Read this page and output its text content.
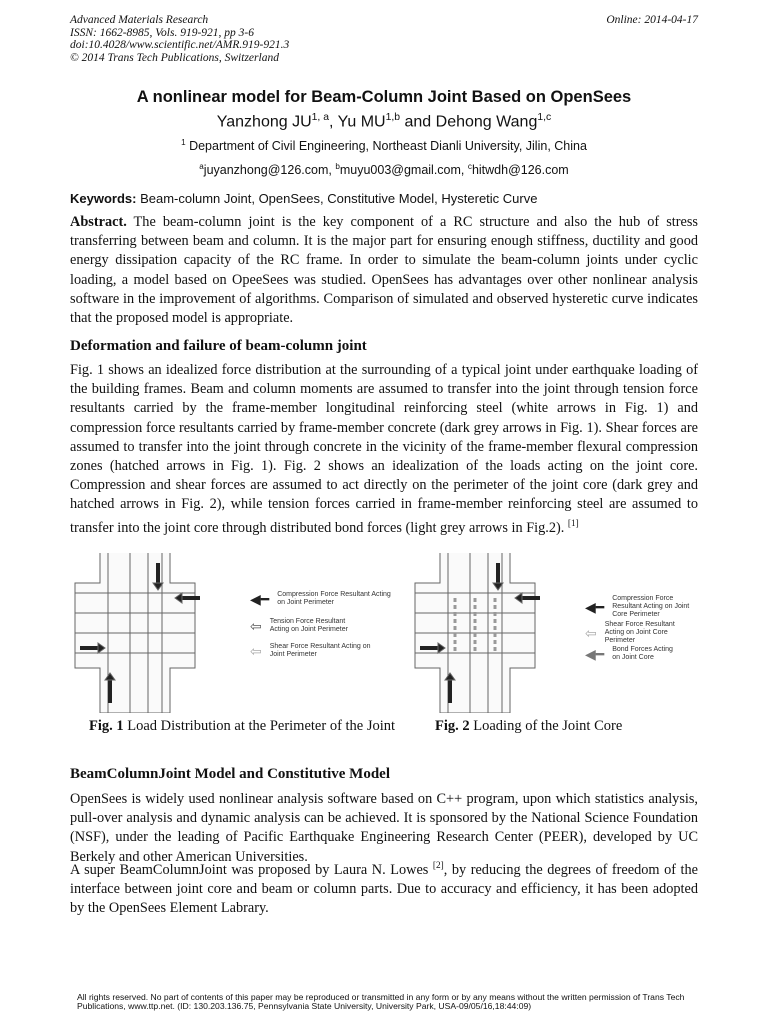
Advanced Materials Research
ISSN: 1662-8985, Vols. 919-921, pp 3-6
doi:10.4028/www.scientific.net/AMR.919-921.3
© 2014 Trans Tech Publications, Switzerland
Online: 2014-04-17
A nonlinear model for Beam-Column Joint Based on OpenSees
Yanzhong JU$^{1, a}$, Yu MU$^{1,b}$ and Dehong Wang$^{1,c}$
$^1$ Department of Civil Engineering, Northeast Dianli University, Jilin, China
$^a$juyanzhong@126.com, $^b$muyu003@gmail.com, $^c$hitwdh@126.com
Keywords: Beam-column Joint, OpenSees, Constitutive Model, Hysteretic Curve
Abstract. The beam-column joint is the key component of a RC structure and also the hub of stress transferring between beam and column. It is the major part for ensuring enough stiffness, ductility and good energy dissipation capacity of the RC frame. In order to simulate the beam-column joints under cyclic loading, a model based on OpeeSees was studied. OpenSees has advantages over other nonlinear analysis software in the improvement of algorithms. Comparison of simulated and observed hysteretic curve indicates that the proposed model is appropriate.
Deformation and failure of beam-column joint
Fig. 1 shows an idealized force distribution at the surrounding of a typical joint under earthquake loading of the building frames. Beam and column moments are assumed to transfer into the joint through tension force resultants carried by the frame-member longitudinal reinforcing steel (white arrows in Fig. 1) and compression force resultants carried by frame-member concrete (dark grey arrows in Fig. 1). Shear forces are assumed to transfer into the joint through concrete in the vicinity of the frame-member flexural compression zones (hatched arrows in Fig. 1). Fig. 2 shows an idealization of the loads acting on the joint core. Compression and shear forces are assumed to act directly on the perimeter of the joint core (dark grey and hatched arrows in Fig. 2), while tension forces carried in frame-member reinforcing steel are assumed to transfer into the joint core through distributed bond forces (light grey arrows in Fig.2). [1]
◀━ Compression Force Resultant Acting on Joint Perimeter
⇦ Tension Force Resultant Acting on Joint Perimeter
⇦ Shear Force Resultant Acting on Joint Perimeter
◀━
Compression Force Resultant Acting on Joint Core Perimeter
⇦
Shear Force Resultant Acting on Joint Core Perimeter
◀━ Bond Forces Acting on Joint Core
Fig. 1 Load Distribution at the Perimeter of the Joint	Fig. 2 Loading of the Joint Core
BeamColumnJoint Model and Constitutive Model
OpenSees is widely used nonlinear analysis software based on C++ program, upon which statistics analysis, pull-over analysis and dynamic analysis can be achieved. It is sponsored by the National Science Foundation (NSF), under the leading of Pacific Earthquake Engineering Research Center (PEER), developed by UC Berkely and other American Universities.
A super BeamColumnJoint was proposed by Laura N. Lowes [2], by reducing the degrees of freedom of the interface between joint core and beam or column parts. Due to accuracy and efficiency, it has been adopted by the OpenSees Element Labrary.
All rights reserved. No part of contents of this paper may be reproduced or transmitted in any form or by any means without the written permission of Trans Tech Publications, www.ttp.net. (ID: 130.203.136.75, Pennsylvania State University, University Park, USA-09/05/16,18:44:09)
